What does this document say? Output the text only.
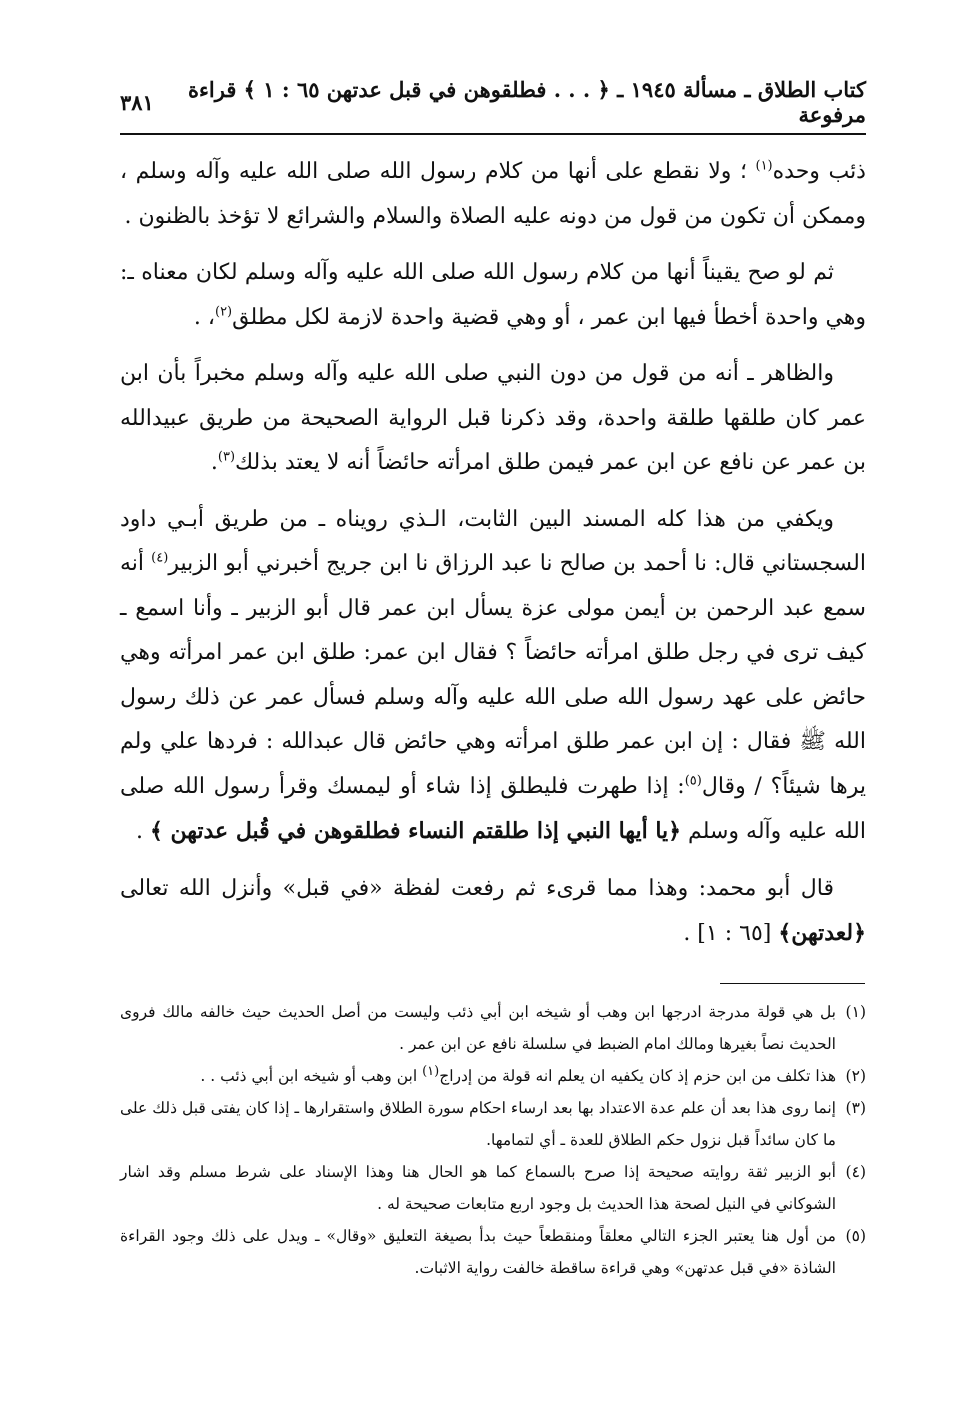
كتاب الطلاق ـ مسألة ١٩٤٥ ـ ﴿ . . . فطلقوهن في قبل عدتهن ٦٥ : ١ ﴾ قراءة مرفوعة
٣٨١

ذئب وحده$^{(١)}$ ؛ ولا نقطع على أنها من كلام رسول الله صلى الله عليه وآله وسلم ، وممكن أن تكون من قول من دونه عليه الصلاة والسلام والشرائع لا تؤخذ بالظنون .

ثم لو صح يقيناً أنها من كلام رسول الله صلى الله عليه وآله وسلم لكان معناه ـ: وهي واحدة أخطأ فيها ابن عمر ، أو وهي قضية واحدة لازمة لكل مطلق$^{(٢)}$، .

والظاهر ـ أنه من قول من دون النبي صلى الله عليه وآله وسلم مخبراً بأن ابن عمر كان طلقها طلقة واحدة، وقد ذكرنا قبل الرواية الصحيحة من طريق عبيدالله بن عمر عن نافع عن ابن عمر فيمن طلق امرأته حائضاً أنه لا يعتد بذلك$^{(٣)}$.

ويكفي من هذا كله المسند البين الثابت، الـذي رويناه ـ من طريق أبـي داود السجستاني قال: نا أحمد بن صالح نا عبد الرزاق نا ابن جريج أخبرني أبو الزبير$^{(٤)}$ أنه سمع عبد الرحمن بن أيمن مولى عزة يسأل ابن عمر قال أبو الزبير ـ وأنا اسمع ـ كيف ترى في رجل طلق امرأته حائضاً ؟ فقال ابن عمر: طلق ابن عمر امرأته وهي حائض على عهد رسول الله صلى الله عليه وآله وسلم فسأل عمر عن ذلك رسول الله ﷺ فقال : إن ابن عمر طلق امرأته وهي حائض قال عبدالله : فردها علي ولم يرها شيئاً؟ / وقال$^{(٥)}$: إذا طهرت فليطلق إذا شاء أو ليمسك وقرأ رسول الله صلى الله عليه وآله وسلم ﴿يا أيها النبي إذا طلقتم النساء فطلقوهن في قُبل عدتهن ﴾ .

قال أبو محمد: وهذا مما قرىء ثم رفعت لفظة «في قبل» وأنزل الله تعالى ﴿لعدتهن﴾ [٦٥ : ١] .

(١)بل هي قولة مدرجة ادرجها ابن وهب أو شيخه ابن أبي ذئب وليست من أصل الحديث حيث خالفه مالك فروى الحديث نصاً بغيرها ومالك امام الضبط في سلسلة نافع عن ابن عمر .

(٢)هذا تكلف من ابن حزم إذ كان يكفيه ان يعلم انه قولة من إدراج$^{(١)}$ ابن وهب أو شيخه ابن أبي ذئب . .

(٣)إنما روى هذا بعد أن علم عدة الاعتداد بها بعد ارساء احكام سورة الطلاق واستقرارها ـ إذا كان يفتى قبل ذلك على ما كان سائداً قبل نزول حكم الطلاق للعدة ـ أي لتمامها.

(٤)أبو الزبير ثقة روايته صحيحة إذا صرح بالسماع كما هو الحال هنا وهذا الإسناد على شرط مسلم وقد اشار الشوكاني في النيل لصحة هذا الحديث بل وجود اربع متابعات صحيحة له .

(٥)من أول هنا يعتبر الجزء التالي معلقاً ومنقطعاً حيث بدأ بصيغة التعليق «وقال» ـ ويدل على ذلك وجود القراءة الشاذة «في قبل عدتهن» وهي قراءة ساقطة خالفت رواية الاثبات.
